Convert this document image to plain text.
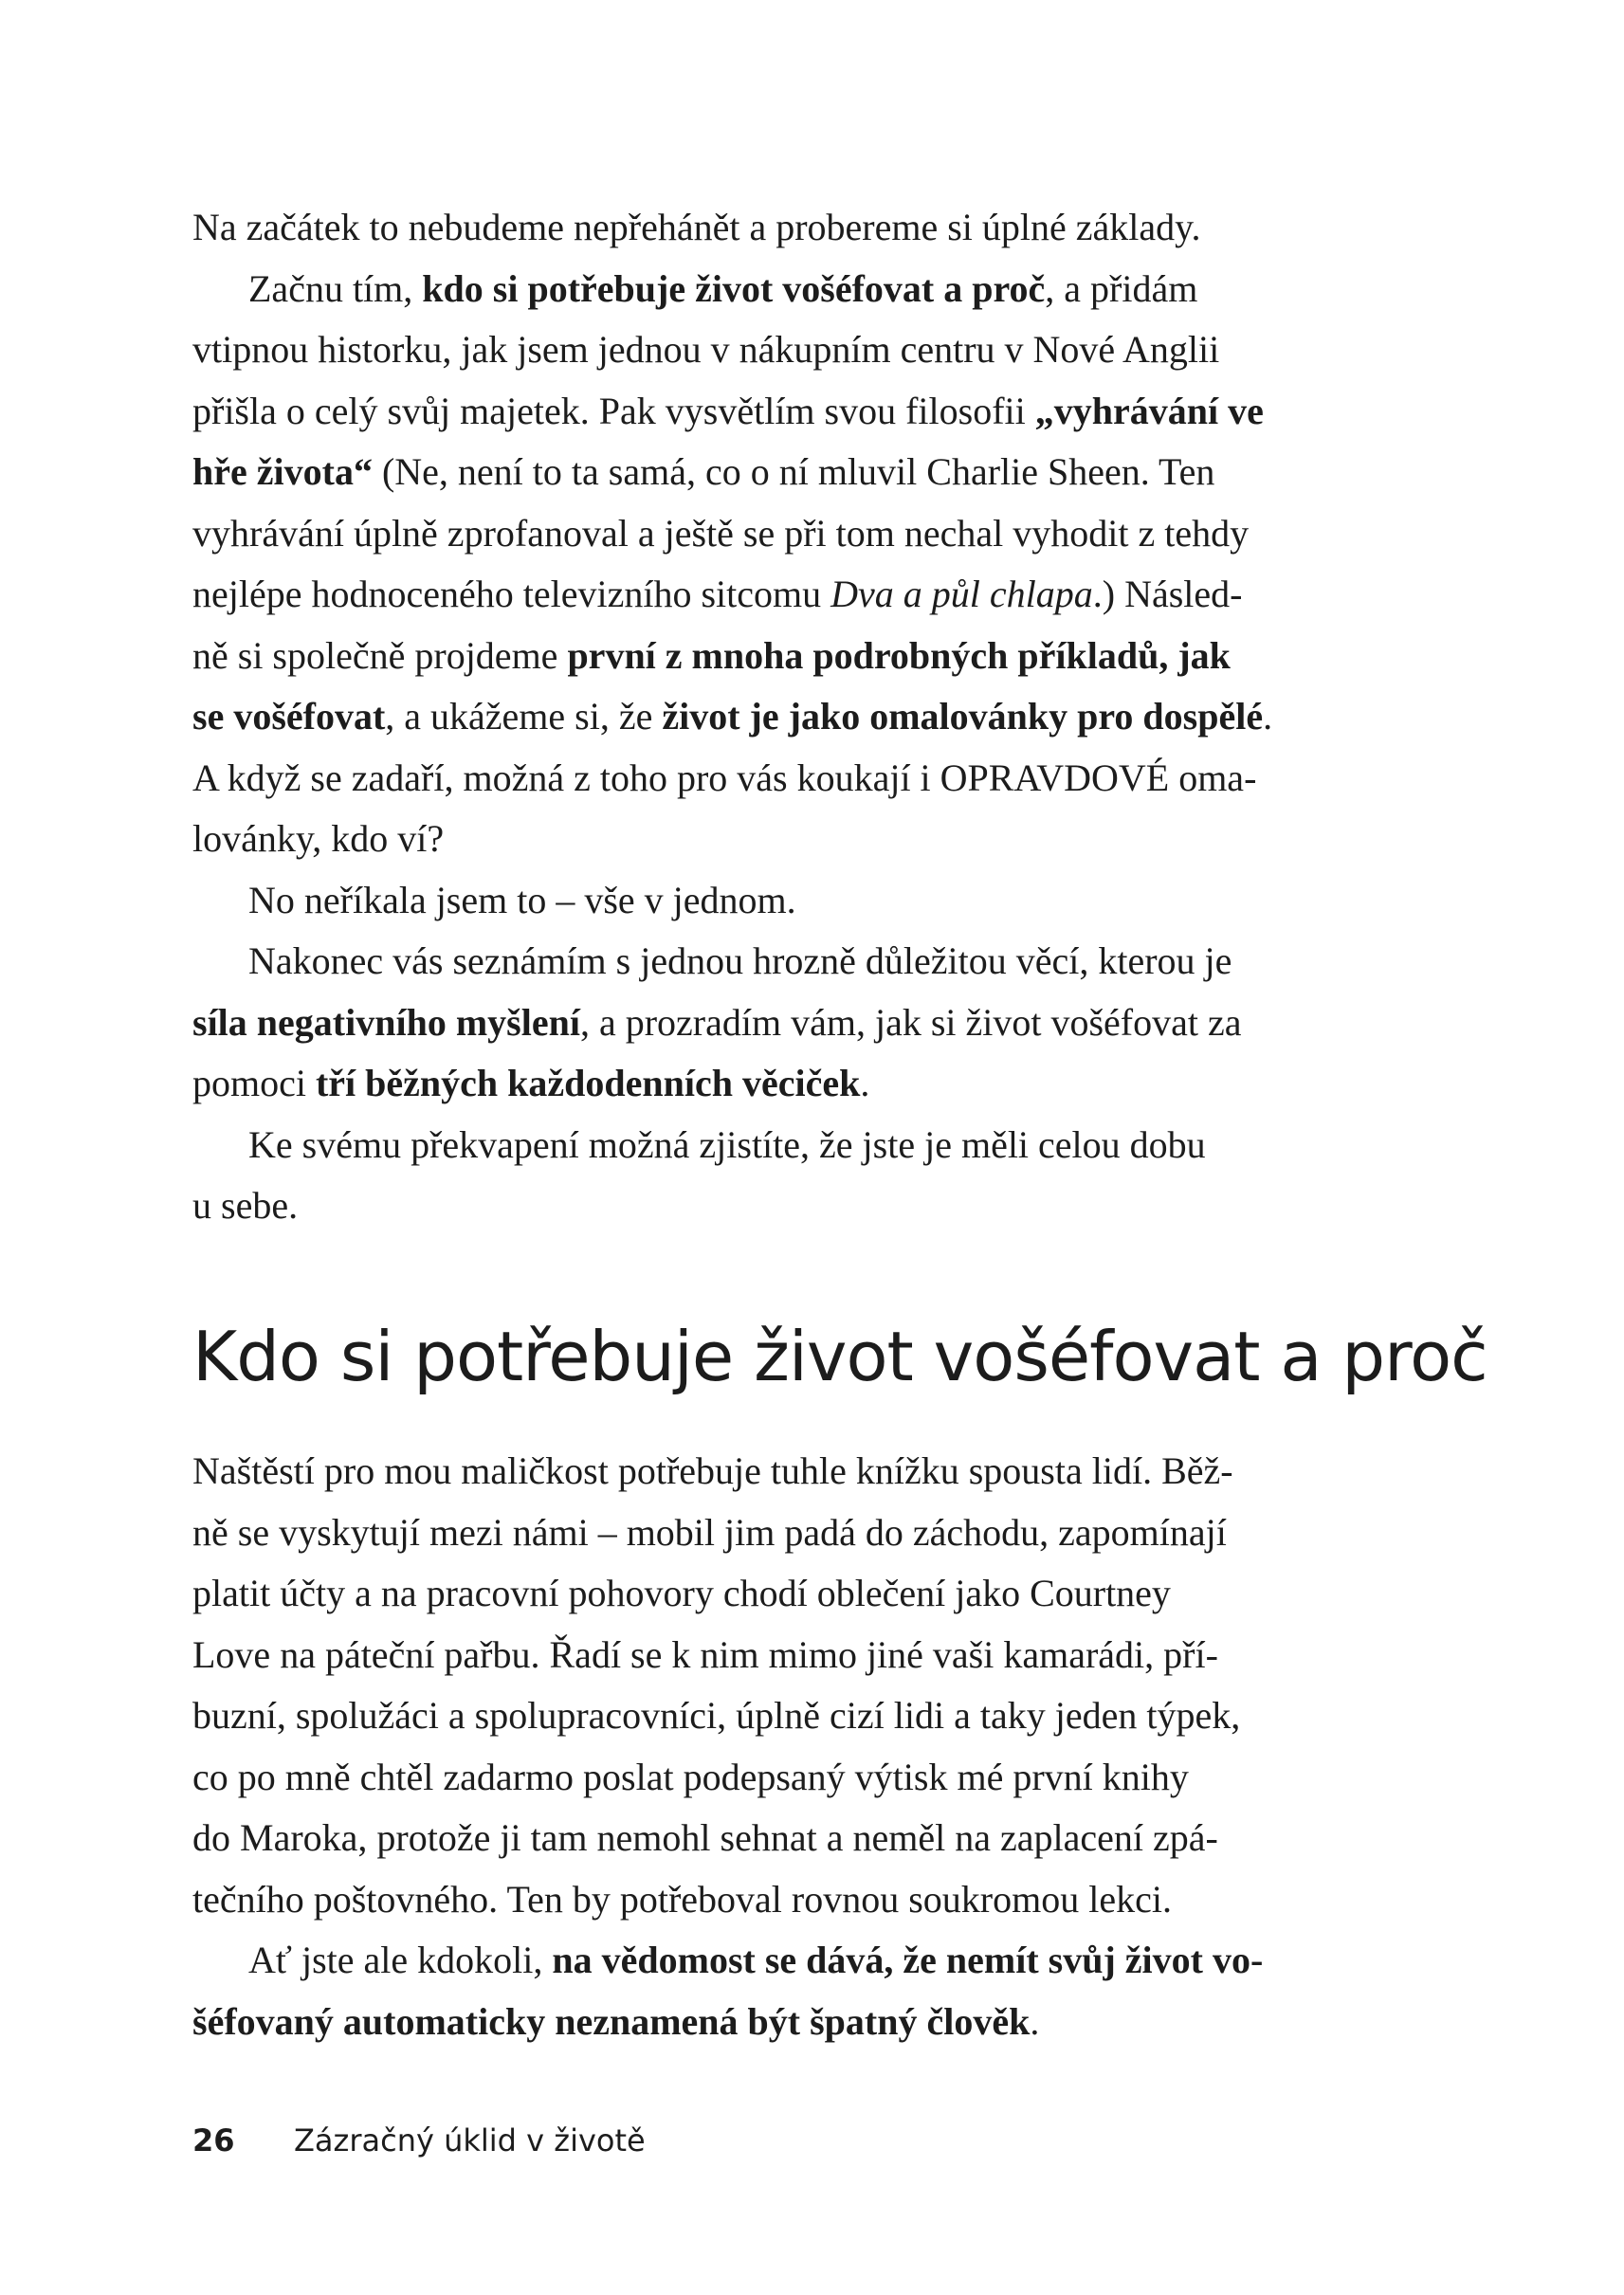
Na začátek to nebudeme nepřehánět a probereme si úplné základy.
Začnu tím, kdo si potřebuje život vošéfovat a proč, a přidám
vtipnou historku, jak jsem jednou v nákupním centru v Nové Anglii
přišla o celý svůj majetek. Pak vysvětlím svou filosofii „vyhrávání ve
hře života“ (Ne, není to ta samá, co o ní mluvil Charlie Sheen. Ten
vyhrávání úplně zprofanoval a ještě se při tom nechal vyhodit z tehdy
nejlépe hodnoceného televizního sitcomu Dva a půl chlapa.) Násled-
ně si společně projdeme první z mnoha podrobných příkladů, jak
se vošéfovat, a ukážeme si, že život je jako omalovánky pro dospělé.
A když se zadaří, možná z toho pro vás koukají i OPRAVDOVÉ oma-
lovánky, kdo ví?
No neříkala jsem to – vše v jednom.
Nakonec vás seznámím s jednou hrozně důležitou věcí, kterou je
síla negativního myšlení, a prozradím vám, jak si život vošéfovat za
pomoci tří běžných každodenních věciček.
Ke svému překvapení možná zjistíte, že jste je měli celou dobu
u sebe.
Kdo si potřebuje život vošéfovat a proč
Naštěstí pro mou maličkost potřebuje tuhle knížku spousta lidí. Běž-
ně se vyskytují mezi námi – mobil jim padá do záchodu, zapomínají
platit účty a na pracovní pohovory chodí oblečení jako Courtney
Love na páteční pařbu. Řadí se k nim mimo jiné vaši kamarádi, pří-
buzní, spolužáci a spolupracovníci, úplně cizí lidi a taky jeden týpek,
co po mně chtěl zadarmo poslat podepsaný výtisk mé první knihy
do Maroka, protože ji tam nemohl sehnat a neměl na zaplacení zpá-
tečního poštovného. Ten by potřeboval rovnou soukromou lekci.
Ať jste ale kdokoli, na vědomost se dává, že nemít svůj život vo-
šéfovaný automaticky neznamená být špatný člověk.
26 Zázračný úklid v životě
